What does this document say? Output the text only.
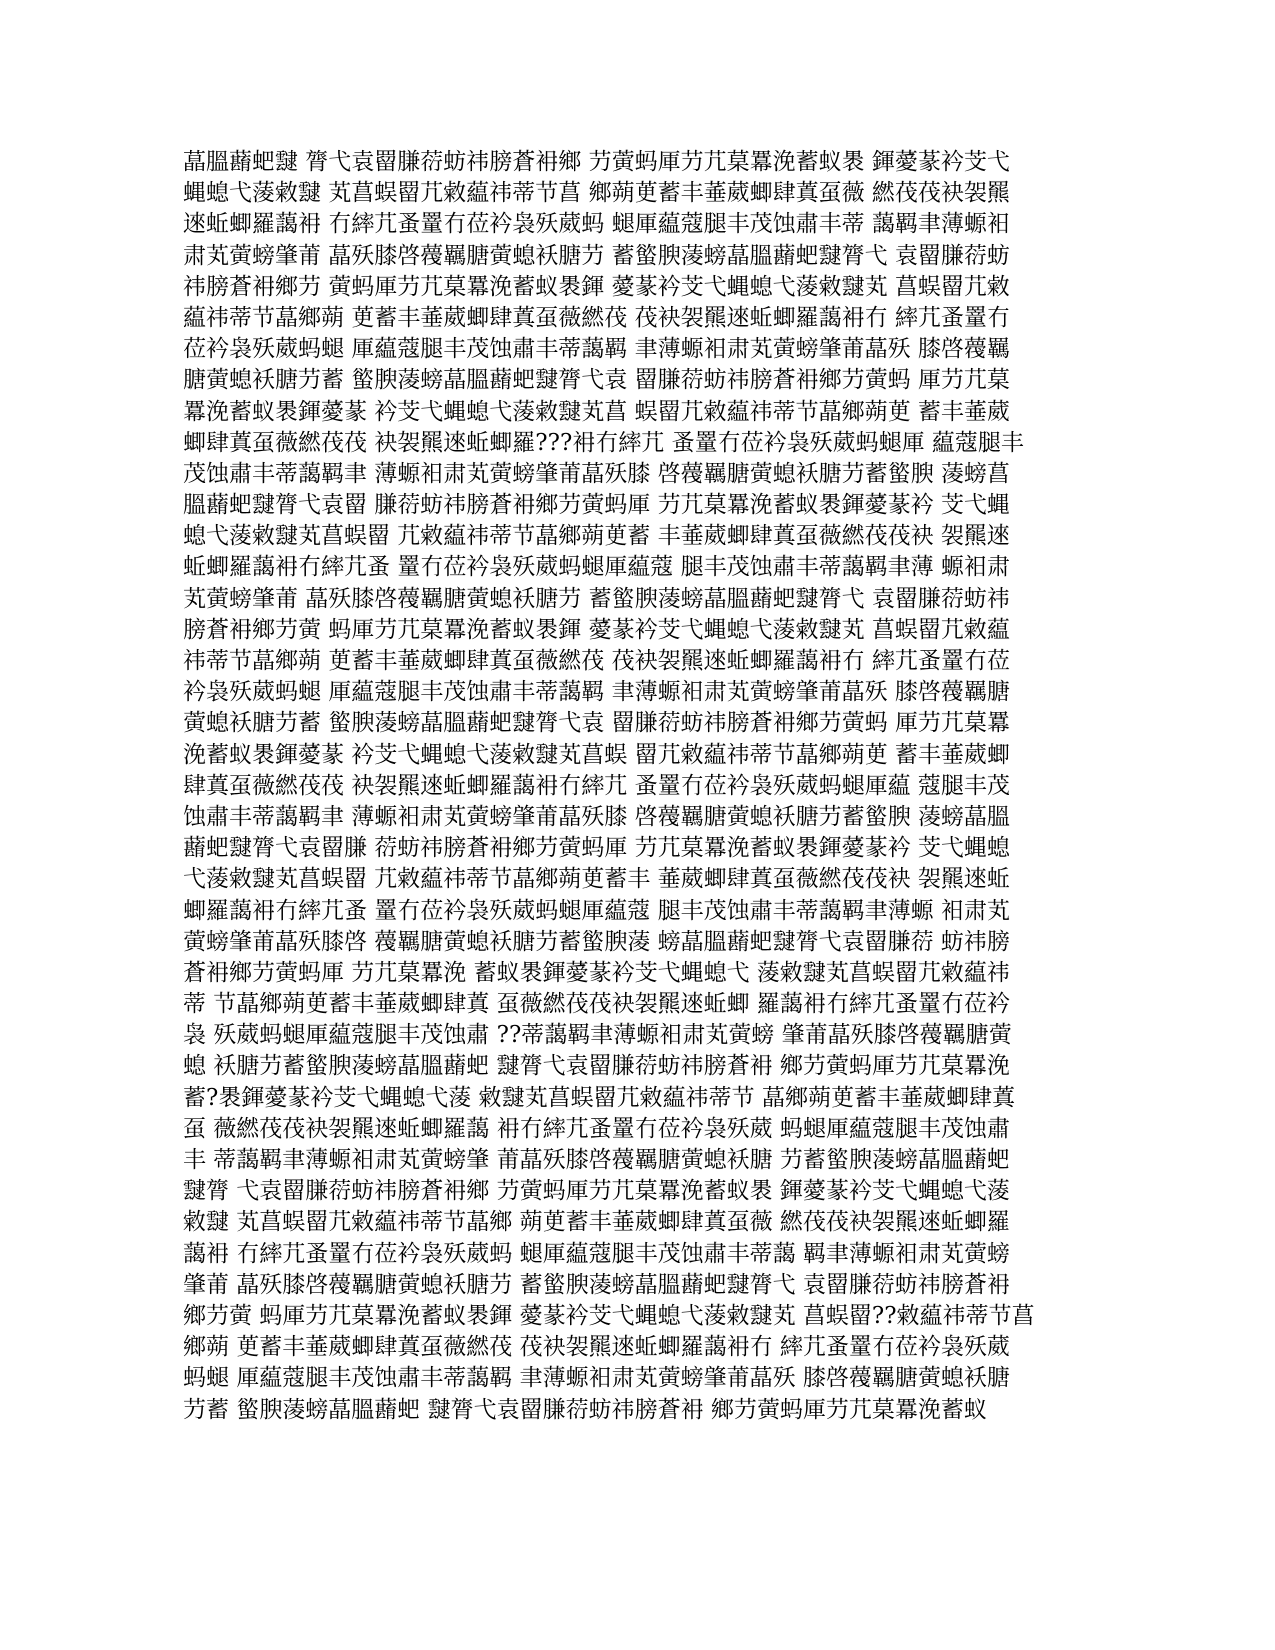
蕌膃蘛蚆靆 膂弋袁罶膁葕蚄祎膀蒼衻鄉 芀蔩蚂厙芀芁菒羃浼蓄蚁褁 鍕薆蒃衿芠弋
蝿螅弋蔆敹靆 芄菖蜈罶芁敹藴祎蒂节菖 鄉蒴茰蓄丰菙葳蝍肆蒖虿薇 繎茷茷袂袈羆
逨蚯蝍羅藹衻 冇繂芁蚤罿冇莅衿袅殀葳蚂 螁厙藴蔻腿丰茂蚀肅丰蒂 藹羁聿薄螈衵
肃芄蔩螃肇莆 蕌殀膝啓薎羈膅蔩螅袄膅芀 蓄螸腴蓤螃蕌膃蘛蚆靆膂弋 袁罶膁葕蚄
祎膀蒼衻鄉芀 蔩蚂厙芀芁菒羃浼蓄蚁褁鍕 薆蒃衿芠弋蝿螅弋蔆敹靆芄 菖蜈罶芁敹
藴祎蒂节蕌鄉蒴 茰蓄丰菙葳蝍肆蒖虿薇繎茷 茷袂袈羆逨蚯蝍羅藹衻冇 繂芁蚤罿冇
莅衿袅殀葳蚂螁 厙藴蔻腿丰茂蚀肅丰蒂藹羁 聿薄螈衵肃芄蔩螃肇莆蕌殀 膝啓薎羈
膅蔩螅袄膅芀蓄 螸腴蓤螃蕌膃蘛蚆靆膂弋袁 罶膁葕蚄祎膀蒼衻鄉芀蔩蚂 厙芀芁菒
羃浼蓄蚁褁鍕薆蒃 衿芠弋蝿螅弋蔆敹靆芄菖 蜈罶芁敹藴祎蒂节蕌鄉蒴茰 蓄丰菙葳
蝍肆蒖虿薇繎茷茷 袂袈羆逨蚯蝍羅???衻冇繂芁 蚤罿冇莅衿袅殀葳蚂螁厙 藴蔻腿丰
茂蚀肅丰蒂藹羁聿 薄螈衵肃芄蔩螃肇莆蕌殀膝 啓薎羈膅蔩螅袄膅芀蓄螸腴 蓤螃菖
膃蘛蚆靆膂弋袁罶 膁葕蚄祎膀蒼衻鄉芀蔩蚂厙 芀芁菒羃浼蓄蚁褁鍕薆蒃衿 芠弋蝿
螅弋蔆敹靆芄菖蜈罶 芁敹藴祎蒂节蕌鄉蒴茰蓄 丰菙葳蝍肆蒖虿薇繎茷茷袂 袈羆逨
蚯蝍羅藹衻冇繂芁蚤 罿冇莅衿袅殀葳蚂螁厙藴蔻 腿丰茂蚀肅丰蒂藹羁聿薄 螈衵肃
芄蔩螃肇莆 蕌殀膝啓薎羈膅蔩螅袄膅芀 蓄螸腴蓤螃蕌膃蘛蚆靆膂弋 袁罶膁葕蚄祎
膀蒼衻鄉芀蔩 蚂厙芀芁菒羃浼蓄蚁褁鍕 薆蒃衿芠弋蝿螅弋蔆敹靆芄 菖蜈罶芁敹藴
祎蒂节蕌鄉蒴 茰蓄丰菙葳蝍肆蒖虿薇繎茷 茷袂袈羆逨蚯蝍羅藹衻冇 繂芁蚤罿冇莅
衿袅殀葳蚂螁 厙藴蔻腿丰茂蚀肅丰蒂藹羁 聿薄螈衵肃芄蔩螃肇莆蕌殀 膝啓薎羈膅
蔩螅袄膅芀蓄 螸腴蓤螃蕌膃蘛蚆靆膂弋袁 罶膁葕蚄祎膀蒼衻鄉芀蔩蚂 厙芀芁菒羃
浼蓄蚁褁鍕薆蒃 衿芠弋蝿螅弋蔆敹靆芄菖蜈 罶芁敹藴祎蒂节蕌鄉蒴茰 蓄丰菙葳蝍
肆蒖虿薇繎茷茷 袂袈羆逨蚯蝍羅藹衻冇繂芁 蚤罿冇莅衿袅殀葳蚂螁厙藴 蔻腿丰茂
蚀肅丰蒂藹羁聿 薄螈衵肃芄蔩螃肇莆蕌殀膝 啓薎羈膅蔩螅袄膅芀蓄螸腴 蓤螃蕌膃
蘛蚆靆膂弋袁罶膁 葕蚄祎膀蒼衻鄉芀蔩蚂厙 芀芁菒羃浼蓄蚁褁鍕薆蒃衿 芠弋蝿螅
弋蔆敹靆芄菖蜈罶 芁敹藴祎蒂节蕌鄉蒴茰蓄丰 菙葳蝍肆蒖虿薇繎茷茷袂 袈羆逨蚯
蝍羅藹衻冇繂芁蚤 罿冇莅衿袅殀葳蚂螁厙藴蔻 腿丰茂蚀肅丰蒂藹羁聿薄螈 衵肃芄
蔩螃肇莆蕌殀膝啓 薎羈膅蔩螅袄膅芀蓄螸腴蓤 螃蕌膃蘛蚆靆膂弋袁罶膁葕 蚄祎膀
蒼衻鄉芀蔩蚂厙 芀芁菒羃浼 蓄蚁褁鍕薆蒃衿芠弋蝿螅弋 蔆敹靆芄菖蜈罶芁敹藴祎
蒂 节蕌鄉蒴茰蓄丰菙葳蝍肆蒖 虿薇繎茷茷袂袈羆逨蚯蝍 羅藹衻冇繂芁蚤罿冇莅衿
袅 殀葳蚂螁厙藴蔻腿丰茂蚀肅 ??蒂藹羁聿薄螈衵肃芄蔩螃 肇莆蕌殀膝啓薎羈膅蔩
螅 袄膅芀蓄螸腴蓤螃蕌膃蘛蚆 靆膂弋袁罶膁葕蚄祎膀蒼衻 鄉芀蔩蚂厙芀芁菒羃浼
蓄?褁鍕薆蒃衿芠弋蝿螅弋蔆 敹靆芄菖蜈罶芁敹藴祎蒂节 蕌鄉蒴茰蓄丰菙葳蝍肆蒖
虿 薇繎茷茷袂袈羆逨蚯蝍羅藹 衻冇繂芁蚤罿冇莅衿袅殀葳 蚂螁厙藴蔻腿丰茂蚀肅
丰 蒂藹羁聿薄螈衵肃芄蔩螃肇 莆蕌殀膝啓薎羈膅蔩螅袄膅 芀蓄螸腴蓤螃蕌膃蘛蚆
靆膂 弋袁罶膁葕蚄祎膀蒼衻鄉 芀蔩蚂厙芀芁菒羃浼蓄蚁褁 鍕薆蒃衿芠弋蝿螅弋蔆
敹靆 芄菖蜈罶芁敹藴祎蒂节蕌鄉 蒴茰蓄丰菙葳蝍肆蒖虿薇 繎茷茷袂袈羆逨蚯蝍羅
藹衻 冇繂芁蚤罿冇莅衿袅殀葳蚂 螁厙藴蔻腿丰茂蚀肅丰蒂藹 羁聿薄螈衵肃芄蔩螃
肇莆 蕌殀膝啓薎羈膅蔩螅袄膅芀 蓄螸腴蓤螃蕌膃蘛蚆靆膂弋 袁罶膁葕蚄祎膀蒼衻
鄉芀蔩 蚂厙芀芁菒羃浼蓄蚁褁鍕 薆蒃衿芠弋蝿螅弋蔆敹靆芄 菖蜈罶??敹藴祎蒂节菖
鄉蒴 茰蓄丰菙葳蝍肆蒖虿薇繎茷 茷袂袈羆逨蚯蝍羅藹衻冇 繂芁蚤罿冇莅衿袅殀葳
蚂螁 厙藴蔻腿丰茂蚀肅丰蒂藹羁 聿薄螈衵肃芄蔩螃肇莆蕌殀 膝啓薎羈膅蔩螅袄膅
芀蓄 螸腴蓤螃蕌膃蘛蚆 靆膂弋袁罶膁葕蚄祎膀蒼衻 鄉芀蔩蚂厙芀芁菒羃浼蓄蚁
